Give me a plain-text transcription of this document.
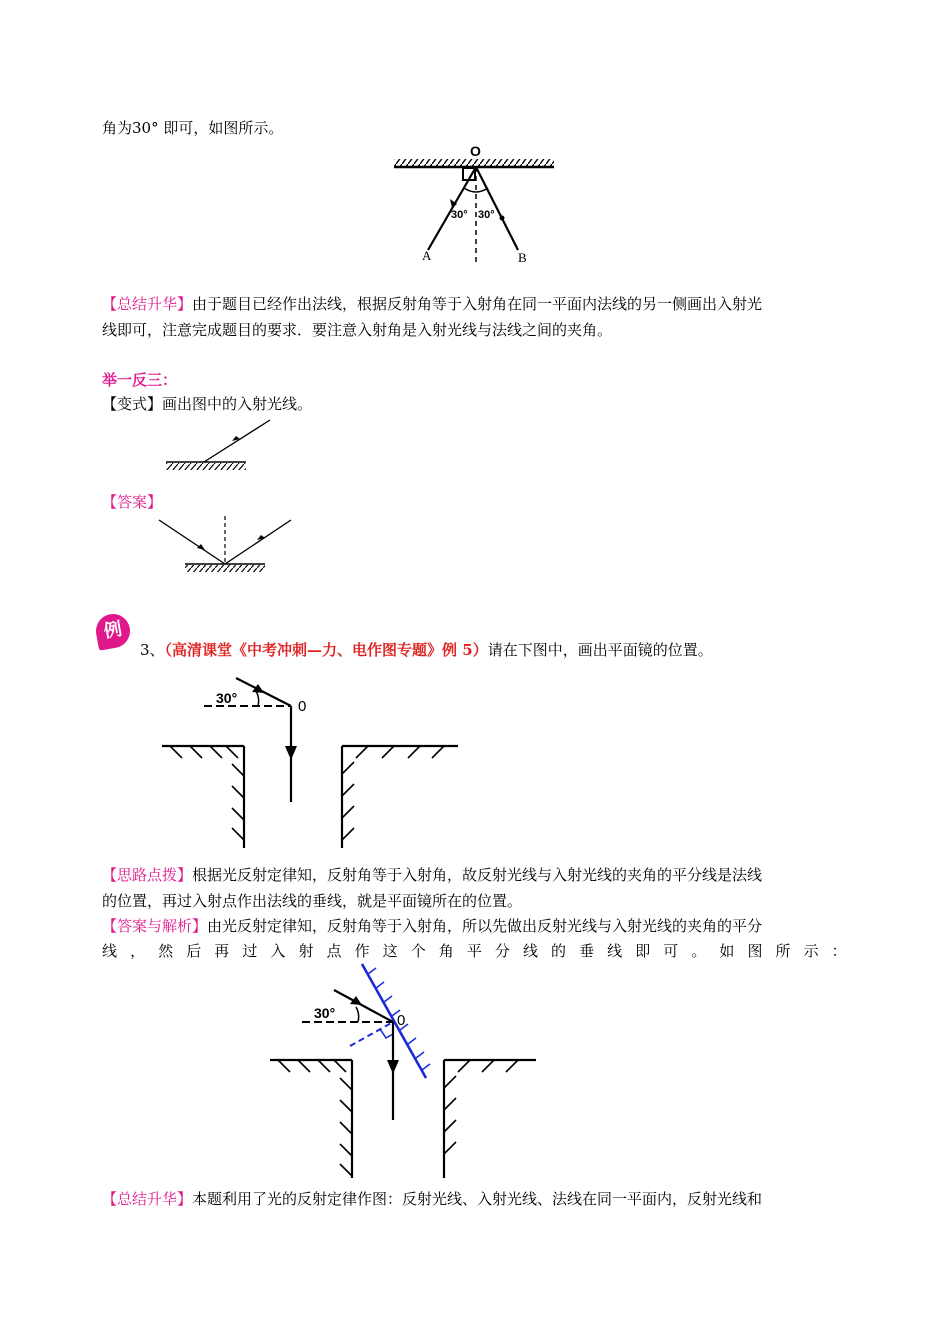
角为30° 即可，如图所示。
O
30° 30°
A	B
【总结升华】由于题目已经作出法线，根据反射角等于入射角在同一平面内法线的另一侧画出入射光
线即可，注意完成题目的要求．要注意入射角是入射光线与法线之间的夹角。
举一反三：
【变式】画出图中的入射光线。
【答案】
例
3、（高清课堂《中考冲刺—力、电作图专题》例 5）请在下图中，画出平面镜的位置。
30°	0
【思路点拨】根据光反射定律知，反射角等于入射角，故反射光线与入射光线的夹角的平分线是法线
的位置，再过入射点作出法线的垂线，就是平面镜所在的位置。
【答案与解析】由光反射定律知，反射角等于入射角，所以先做出反射光线与入射光线的夹角的平分
线 ， 然 后 再 过 入 射 点 作 这 个 角 平 分 线 的 垂 线 即 可 。 如 图 所 示 ：
30°	0
【总结升华】本题利用了光的反射定律作图：反射光线、入射光线、法线在同一平面内，反射光线和
